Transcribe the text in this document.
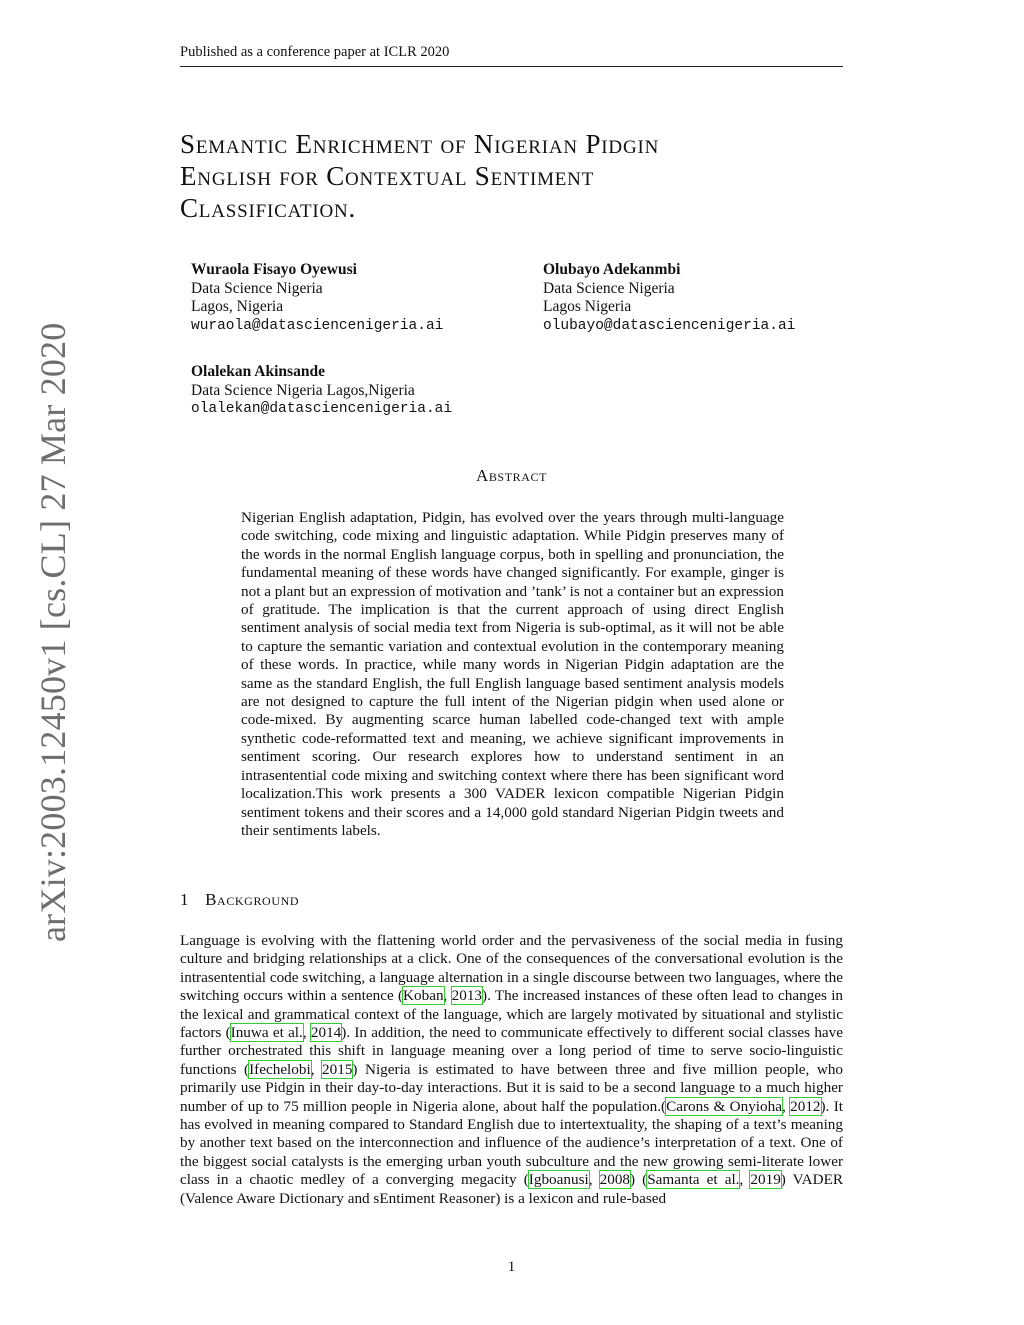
Published as a conference paper at ICLR 2020
arXiv:2003.12450v1 [cs.CL] 27 Mar 2020
Semantic Enrichment of Nigerian Pidgin
English for Contextual Sentiment
Classification.
Wuraola Fisayo Oyewusi
Data Science Nigeria
Lagos, Nigeria
wuraola@datasciencenigeria.ai
Olubayo Adekanmbi
Data Science Nigeria
Lagos Nigeria
olubayo@datasciencenigeria.ai
Olalekan Akinsande
Data Science Nigeria Lagos,Nigeria
olalekan@datasciencenigeria.ai
Abstract
Nigerian English adaptation, Pidgin, has evolved over the years through multi-language code switching, code mixing and linguistic adaptation. While Pidgin preserves many of the words in the normal English language corpus, both in spelling and pronunciation, the fundamental meaning of these words have changed significantly. For example, ginger is not a plant but an expression of motivation and ’tank’ is not a container but an expression of gratitude. The implication is that the current approach of using direct English sentiment analysis of social media text from Nigeria is sub-optimal, as it will not be able to capture the semantic variation and contextual evolution in the contemporary meaning of these words. In practice, while many words in Nigerian Pidgin adaptation are the same as the standard English, the full English language based sentiment analysis models are not designed to capture the full intent of the Nigerian pidgin when used alone or code-mixed. By augmenting scarce human labelled code-changed text with ample synthetic code-reformatted text and meaning, we achieve significant improvements in sentiment scoring. Our research explores how to understand sentiment in an intrasentential code mixing and switching context where there has been significant word localization.This work presents a 300 VADER lexicon compatible Nigerian Pidgin sentiment tokens and their scores and a 14,000 gold standard Nigerian Pidgin tweets and their sentiments labels.
1 Background
Language is evolving with the flattening world order and the pervasiveness of the social media in fusing culture and bridging relationships at a click. One of the consequences of the conversational evolution is the intrasentential code switching, a language alternation in a single discourse between two languages, where the switching occurs within a sentence (Koban, 2013). The increased instances of these often lead to changes in the lexical and grammatical context of the language, which are largely motivated by situational and stylistic factors (Inuwa et al., 2014). In addition, the need to communicate effectively to different social classes have further orchestrated this shift in language meaning over a long period of time to serve socio-linguistic functions (Ifechelobi, 2015) Nigeria is estimated to have between three and five million people, who primarily use Pidgin in their day-to-day interactions. But it is said to be a second language to a much higher number of up to 75 million people in Nigeria alone, about half the population.(Carons & Onyioha, 2012). It has evolved in meaning compared to Standard English due to intertextuality, the shaping of a text’s meaning by another text based on the interconnection and influence of the audience’s interpretation of a text. One of the biggest social catalysts is the emerging urban youth subculture and the new growing semi-literate lower class in a chaotic medley of a converging megacity (Igboanusi, 2008) (Samanta et al., 2019) VADER (Valence Aware Dictionary and sEntiment Reasoner) is a lexicon and rule-based
1
